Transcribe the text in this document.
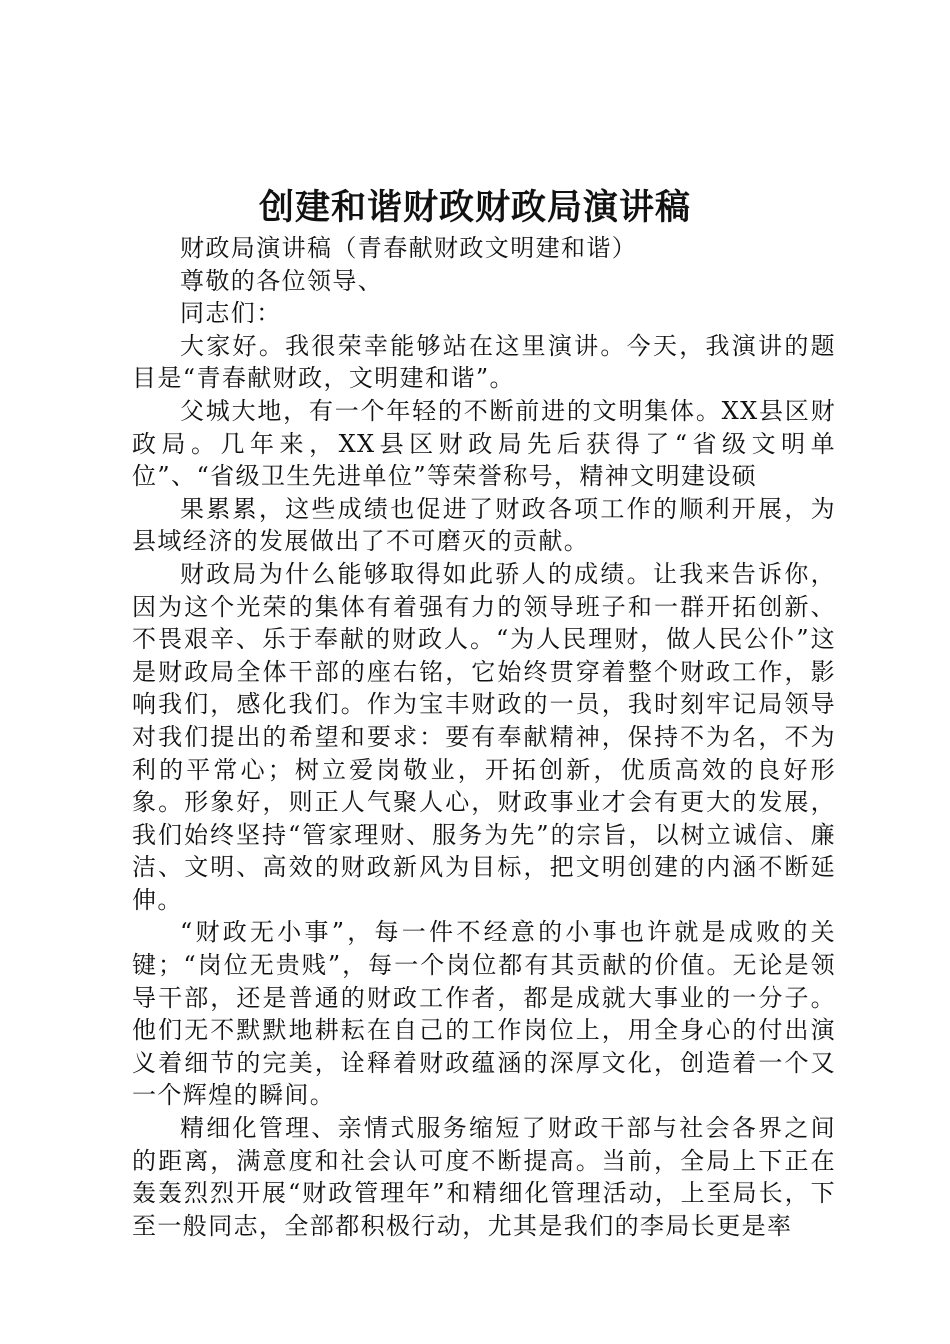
创建和谐财政财政局演讲稿

财政局演讲稿（青春献财政文明建和谐）

尊敬的各位领导、

同志们：

大家好。我很荣幸能够站在这里演讲。今天，我演讲的题目是“青春献财政，文明建和谐”。

父城大地，有一个年轻的不断前进的文明集体。XX县区财政局。几年来，XX县区财政局先后获得了“省级文明单位”、“省级卫生先进单位”等荣誉称号，精神文明建设硕

果累累，这些成绩也促进了财政各项工作的顺利开展，为县域经济的发展做出了不可磨灭的贡献。

财政局为什么能够取得如此骄人的成绩。让我来告诉你，因为这个光荣的集体有着强有力的领导班子和一群开拓创新、不畏艰辛、乐于奉献的财政人。“为人民理财，做人民公仆”这是财政局全体干部的座右铭，它始终贯穿着整个财政工作，影响我们，感化我们。作为宝丰财政的一员，我时刻牢记局领导对我们提出的希望和要求：要有奉献精神，保持不为名，不为利的平常心；树立爱岗敬业，开拓创新，优质高效的良好形象。形象好，则正人气聚人心，财政事业才会有更大的发展，我们始终坚持“管家理财、服务为先”的宗旨，以树立诚信、廉洁、文明、高效的财政新风为目标，把文明创建的内涵不断延伸。

“财政无小事”，每一件不经意的小事也许就是成败的关键；“岗位无贵贱”，每一个岗位都有其贡献的价值。无论是领导干部，还是普通的财政工作者，都是成就大事业的一分子。他们无不默默地耕耘在自己的工作岗位上，用全身心的付出演义着细节的完美，诠释着财政蕴涵的深厚文化，创造着一个又一个辉煌的瞬间。

精细化管理、亲情式服务缩短了财政干部与社会各界之间的距离，满意度和社会认可度不断提高。当前，全局上下正在轰轰烈烈开展“财政管理年”和精细化管理活动，上至局长，下至一般同志，全部都积极行动，尤其是我们的李局长更是率
